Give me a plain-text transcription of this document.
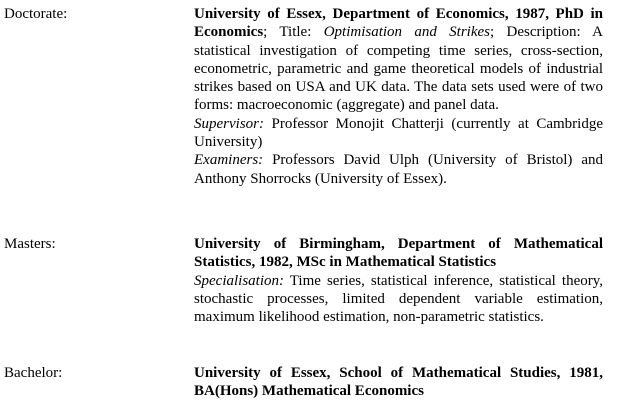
Doctorate:	University of Essex, Department of Economics, 1987, PhD in Economics; Title: Optimisation and Strikes; Description: A statistical investigation of competing time series, cross-section, econometric, parametric and game theoretical models of industrial strikes based on USA and UK data. The data sets used were of two forms: macroeconomic (aggregate) and panel data.

Supervisor: Professor Monojit Chatterji (currently at Cambridge University)

Examiners: Professors David Ulph (University of Bristol) and Anthony Shorrocks (University of Essex).

Masters:	University of Birmingham, Department of Mathematical Statistics, 1982, MSc in Mathematical Statistics

Specialisation: Time series, statistical inference, statistical theory, stochastic processes, limited dependent variable estimation, maximum likelihood estimation, non-parametric statistics.

Bachelor:	University of Essex, School of Mathematical Studies, 1981, BA(Hons) Mathematical Economics
